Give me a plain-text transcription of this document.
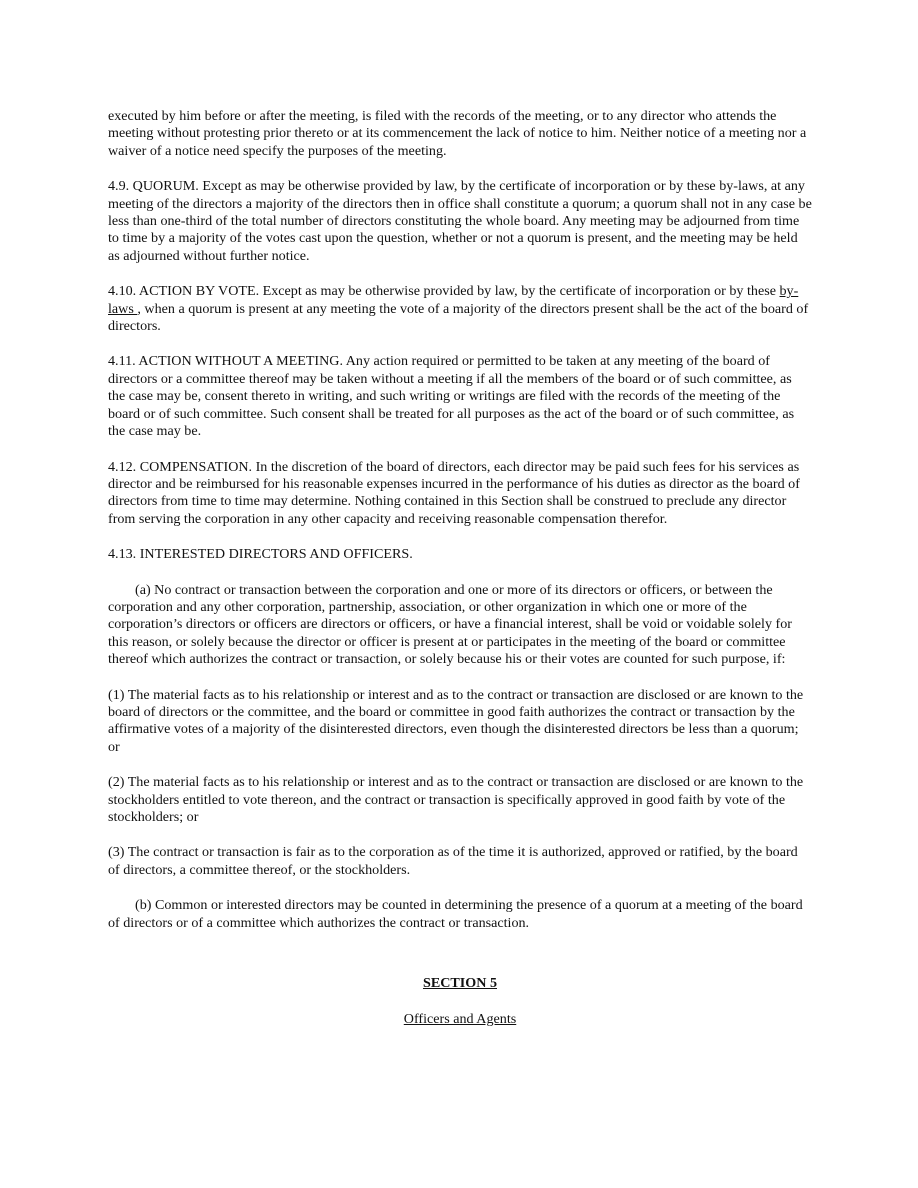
executed by him before or after the meeting, is filed with the records of the meeting, or to any director who attends the meeting without protesting prior thereto or at its commencement the lack of notice to him. Neither notice of a meeting nor a waiver of a notice need specify the purposes of the meeting.

4.9. QUORUM. Except as may be otherwise provided by law, by the certificate of incorporation or by these by-laws, at any meeting of the directors a majority of the directors then in office shall constitute a quorum; a quorum shall not in any case be less than one-third of the total number of directors constituting the whole board. Any meeting may be adjourned from time to time by a majority of the votes cast upon the question, whether or not a quorum is present, and the meeting may be held as adjourned without further notice.

4.10. ACTION BY VOTE. Except as may be otherwise provided by law, by the certificate of incorporation or by these by-laws , when a quorum is present at any meeting the vote of a majority of the directors present shall be the act of the board of directors.

4.11. ACTION WITHOUT A MEETING. Any action required or permitted to be taken at any meeting of the board of directors or a committee thereof may be taken without a meeting if all the members of the board or of such committee, as the case may be, consent thereto in writing, and such writing or writings are filed with the records of the meeting of the board or of such committee. Such consent shall be treated for all purposes as the act of the board or of such committee, as the case may be.

4.12. COMPENSATION. In the discretion of the board of directors, each director may be paid such fees for his services as director and be reimbursed for his reasonable expenses incurred in the performance of his duties as director as the board of directors from time to time may determine. Nothing contained in this Section shall be construed to preclude any director from serving the corporation in any other capacity and receiving reasonable compensation therefor.

4.13. INTERESTED DIRECTORS AND OFFICERS.

(a) No contract or transaction between the corporation and one or more of its directors or officers, or between the corporation and any other corporation, partnership, association, or other organization in which one or more of the corporation’s directors or officers are directors or officers, or have a financial interest, shall be void or voidable solely for this reason, or solely because the director or officer is present at or participates in the meeting of the board or committee thereof which authorizes the contract or transaction, or solely because his or their votes are counted for such purpose, if:

(1) The material facts as to his relationship or interest and as to the contract or transaction are disclosed or are known to the board of directors or the committee, and the board or committee in good faith authorizes the contract or transaction by the affirmative votes of a majority of the disinterested directors, even though the disinterested directors be less than a quorum; or

(2) The material facts as to his relationship or interest and as to the contract or transaction are disclosed or are known to the stockholders entitled to vote thereon, and the contract or transaction is specifically approved in good faith by vote of the stockholders; or

(3) The contract or transaction is fair as to the corporation as of the time it is authorized, approved or ratified, by the board of directors, a committee thereof, or the stockholders.

(b) Common or interested directors may be counted in determining the presence of a quorum at a meeting of the board of directors or of a committee which authorizes the contract or transaction.

SECTION 5

Officers and Agents
